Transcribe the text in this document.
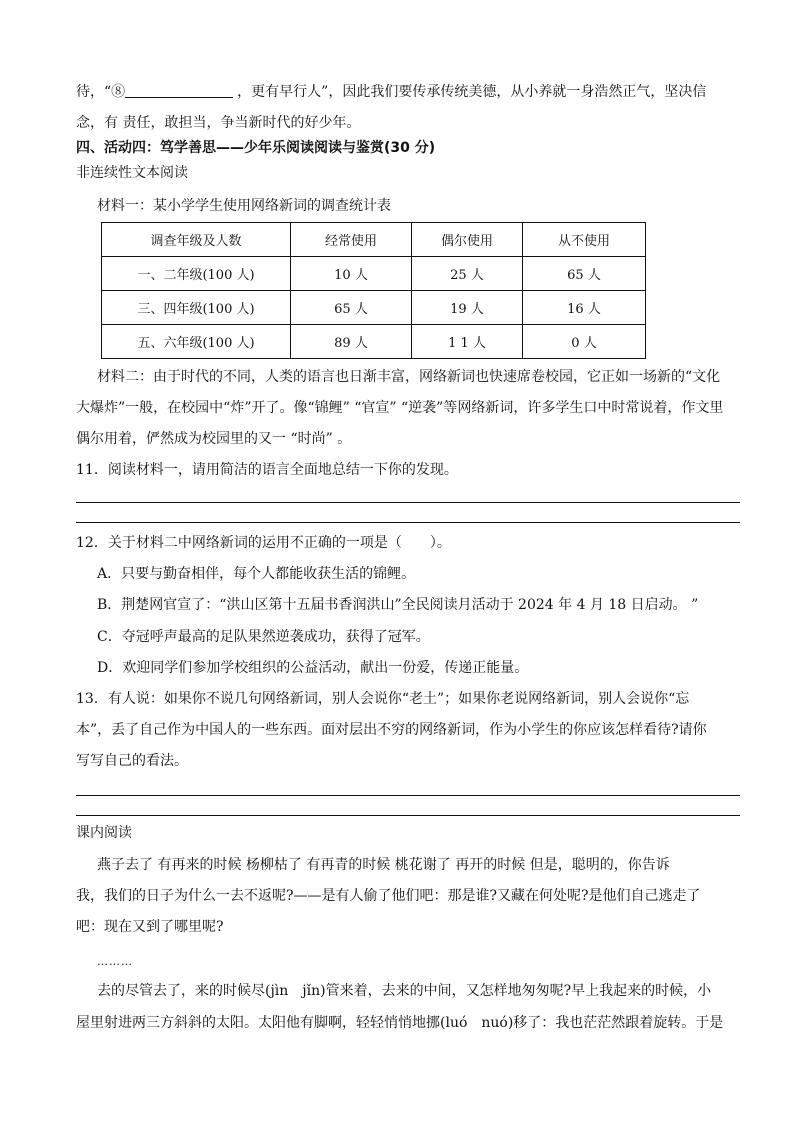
待，“⑧	，更有早行人”，因此我们要传承传统美德，从小养就一身浩然正气，坚决信
念，有 责任，敢担当，争当新时代的好少年。
四、活动四：笃学善思——少年乐阅读阅读与鉴赏(30 分)
非连续性文本阅读
材料一：某小学学生使用网络新词的调查统计表
调查年级及人数	经常使用	偶尔使用	从不使用
一、二年级(100 人)	10 人	25 人	65 人
三、四年级(100 人)	65 人	19 人	16 人
五、六年级(100 人)	89 人	1 1 人	0 人
材料二：由于时代的不同，人类的语言也日渐丰富，网络新词也快速席卷校园，它正如一场新的“文化
大爆炸”一般，在校园中“炸”开了。像“锦鲤” “官宣” “逆袭”等网络新词，许多学生口中时常说着，作文里
偶尔用着，俨然成为校园里的又一 “时尚” 。
11．阅读材料一，请用简洁的语言全面地总结一下你的发现。
12．关于材料二中网络新词的运用不正确的一项是（　　）。
A．只要与勤奋相伴，每个人都能收获生活的锦鲤。
B．荆楚网官宣了：“洪山区第十五届书香润洪山”全民阅读月活动于 2024 年 4 月 18 日启动。 ”
C．夺冠呼声最高的足队果然逆袭成功，获得了冠军。
D．欢迎同学们参加学校组织的公益活动，献出一份爱，传递正能量。
13．有人说：如果你不说几句网络新词，别人会说你“老土”；如果你老说网络新词，别人会说你“忘
本”，丢了自己作为中国人的一些东西。面对层出不穷的网络新词，作为小学生的你应该怎样看待?请你
写写自己的看法。
课内阅读
燕子去了 有再来的时候 杨柳枯了 有再青的时候 桃花谢了 再开的时候 但是，聪明的，你告诉
我，我们的日子为什么一去不返呢?——是有人偷了他们吧：那是谁?又藏在何处呢?是他们自己逃走了
吧：现在又到了哪里呢?
………
去的尽管去了，来的时候尽(jìn　jǐn)管来着，去来的中间，又怎样地匆匆呢?早上我起来的时候，小
屋里射进两三方斜斜的太阳。太阳他有脚啊，轻轻悄悄地挪(luó　nuó)移了：我也茫茫然跟着旋转。于是
